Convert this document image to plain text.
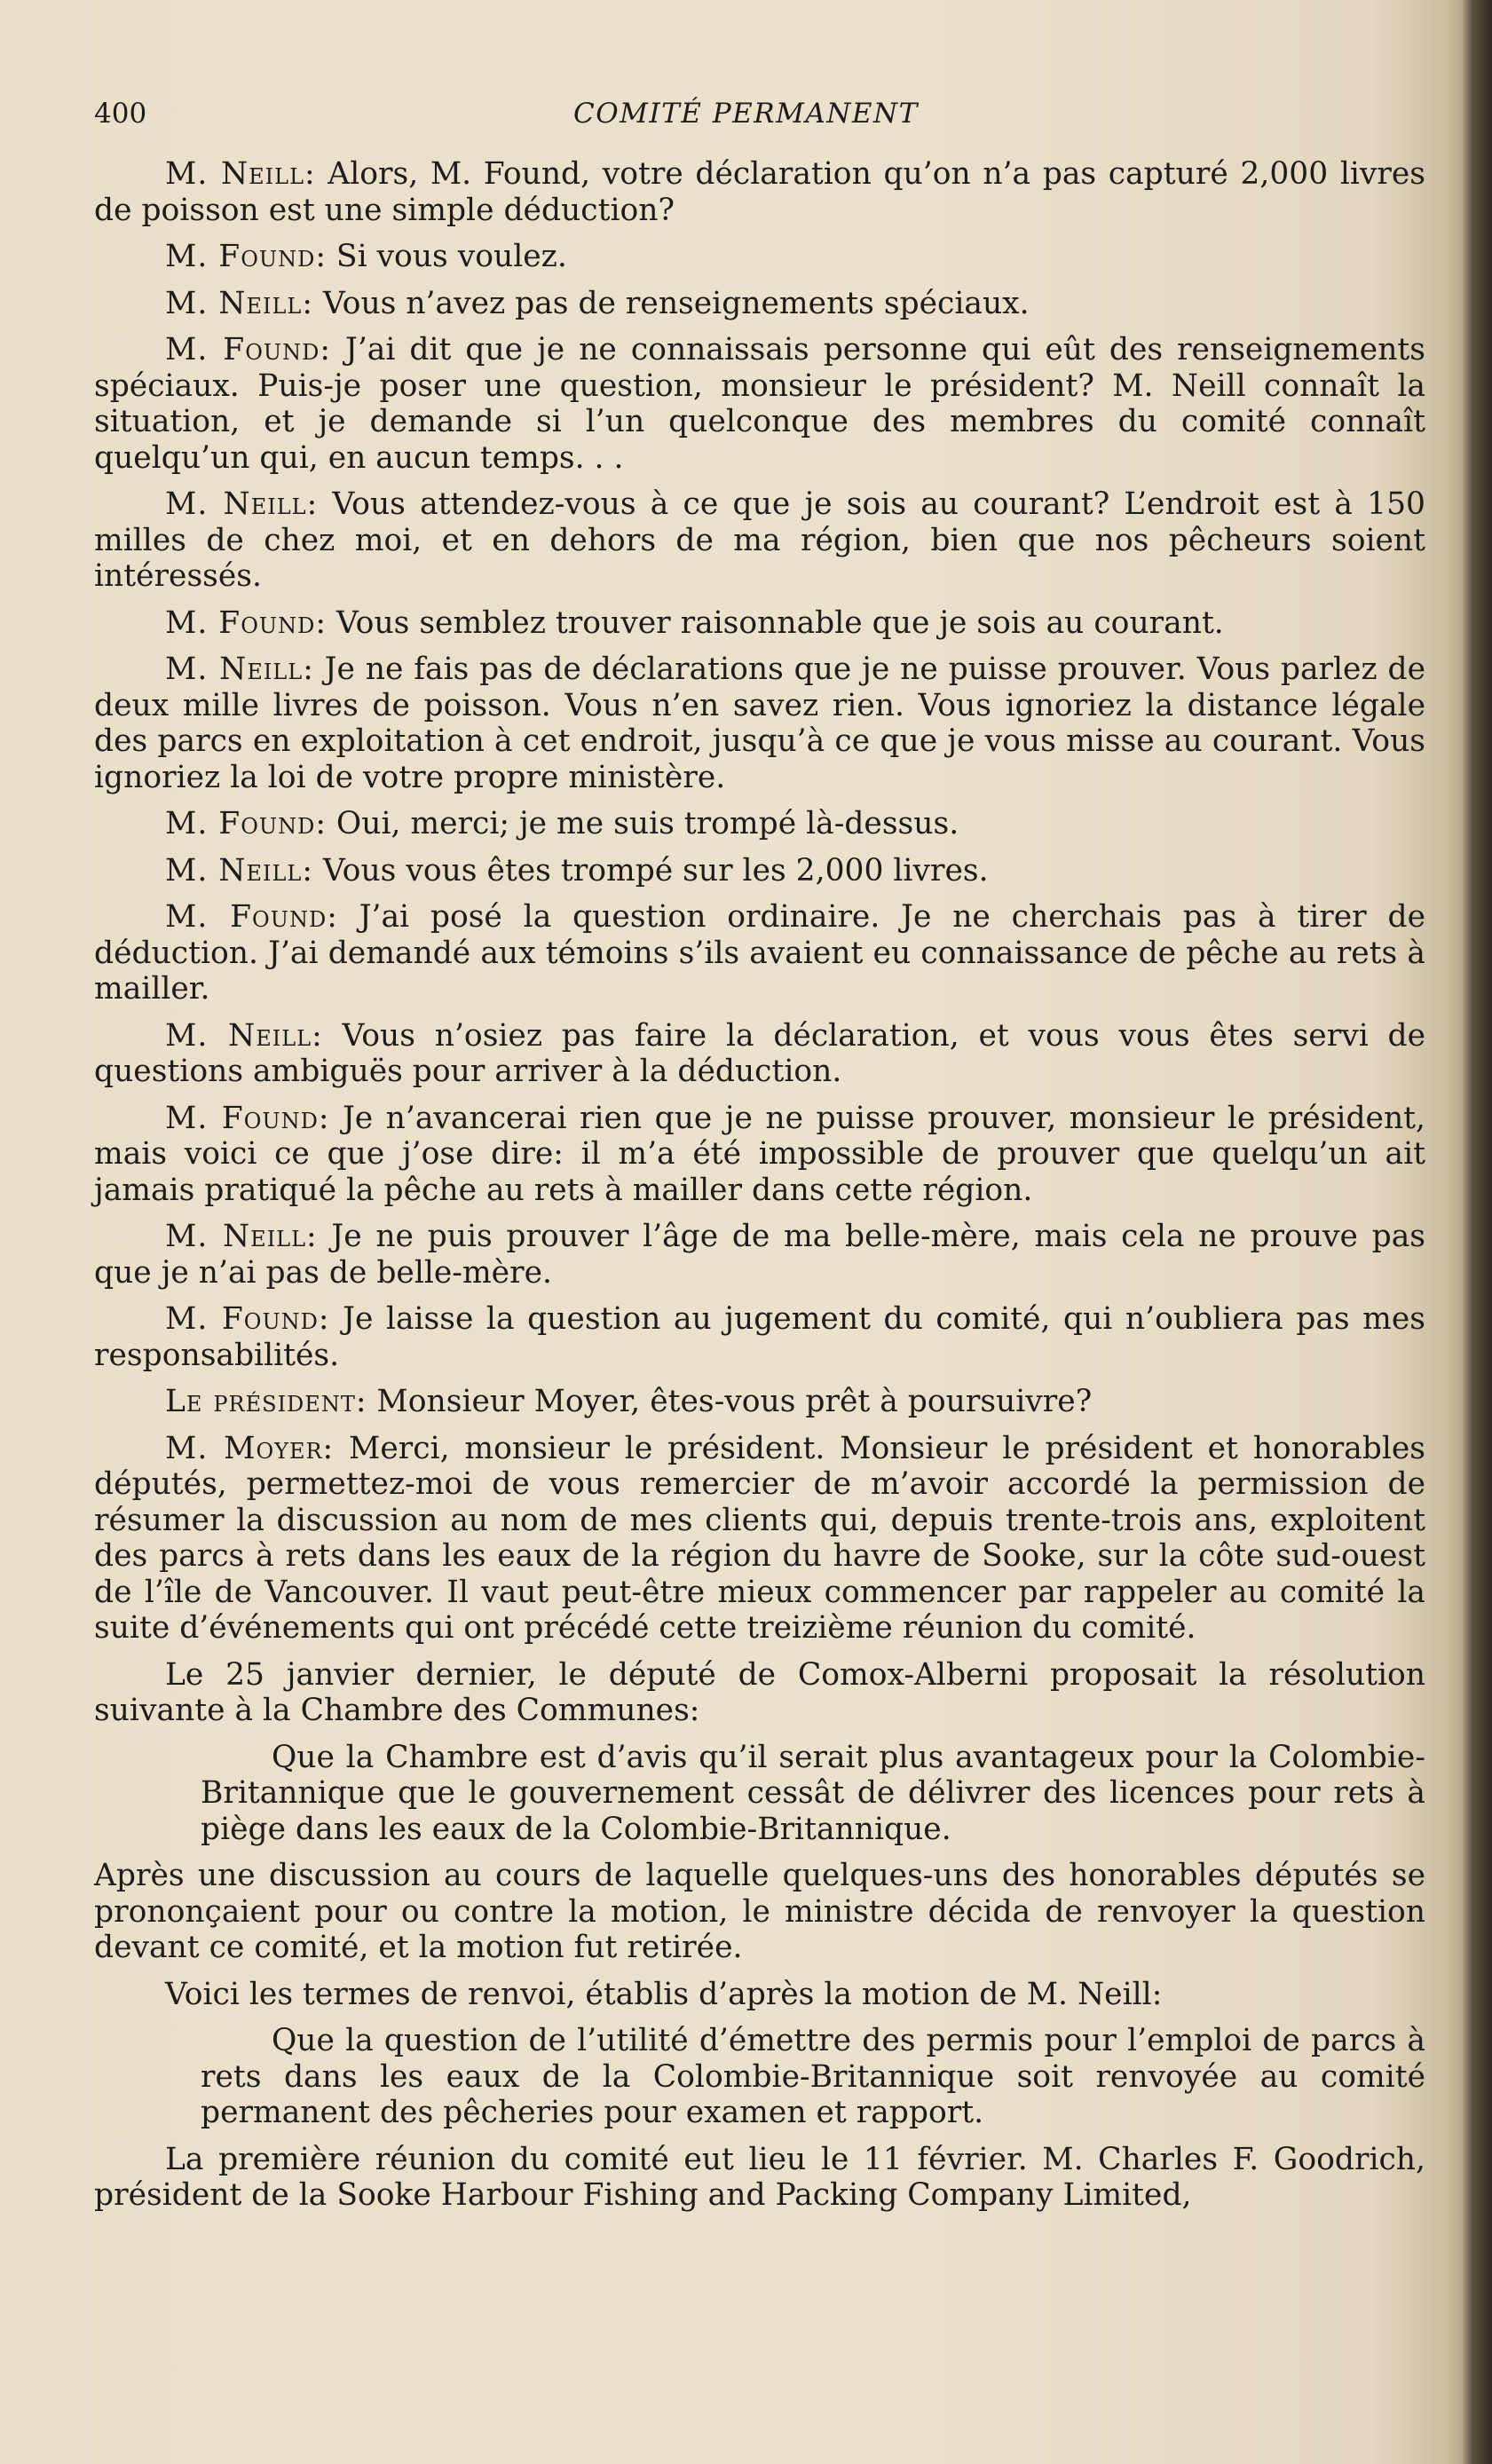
400	COMITÉ PERMANENT

M. Neill: Alors, M. Found, votre déclaration qu’on n’a pas capturé 2,000 livres de poisson est une simple déduction?

M. Found: Si vous voulez.

M. Neill: Vous n’avez pas de renseignements spéciaux.

M. Found: J’ai dit que je ne connaissais personne qui eût des renseignements spéciaux. Puis-je poser une question, monsieur le président? M. Neill connaît la situation, et je demande si l’un quelconque des membres du comité connaît quelqu’un qui, en aucun temps. . .

M. Neill: Vous attendez-vous à ce que je sois au courant? L’endroit est à 150 milles de chez moi, et en dehors de ma région, bien que nos pêcheurs soient intéressés.

M. Found: Vous semblez trouver raisonnable que je sois au courant.

M. Neill: Je ne fais pas de déclarations que je ne puisse prouver. Vous parlez de deux mille livres de poisson. Vous n’en savez rien. Vous ignoriez la distance légale des parcs en exploitation à cet endroit, jusqu’à ce que je vous misse au courant. Vous ignoriez la loi de votre propre ministère.

M. Found: Oui, merci; je me suis trompé là-dessus.

M. Neill: Vous vous êtes trompé sur les 2,000 livres.

M. Found: J’ai posé la question ordinaire. Je ne cherchais pas à tirer de déduction. J’ai demandé aux témoins s’ils avaient eu connaissance de pêche au rets à mailler.

M. Neill: Vous n’osiez pas faire la déclaration, et vous vous êtes servi de questions ambiguës pour arriver à la déduction.

M. Found: Je n’avancerai rien que je ne puisse prouver, monsieur le président, mais voici ce que j’ose dire: il m’a été impossible de prouver que quelqu’un ait jamais pratiqué la pêche au rets à mailler dans cette région.

M. Neill: Je ne puis prouver l’âge de ma belle-mère, mais cela ne prouve pas que je n’ai pas de belle-mère.

M. Found: Je laisse la question au jugement du comité, qui n’oubliera pas mes responsabilités.

Le président: Monsieur Moyer, êtes-vous prêt à poursuivre?

M. Moyer: Merci, monsieur le président. Monsieur le président et honorables députés, permettez-moi de vous remercier de m’avoir accordé la permission de résumer la discussion au nom de mes clients qui, depuis trente-trois ans, exploitent des parcs à rets dans les eaux de la région du havre de Sooke, sur la côte sud-ouest de l’île de Vancouver. Il vaut peut-être mieux commencer par rappeler au comité la suite d’événements qui ont précédé cette treizième réunion du comité.

Le 25 janvier dernier, le député de Comox-Alberni proposait la résolution suivante à la Chambre des Communes:

Que la Chambre est d’avis qu’il serait plus avantageux pour la Colombie-Britannique que le gouvernement cessât de délivrer des licences pour rets à piège dans les eaux de la Colombie-Britannique.

Après une discussion au cours de laquelle quelques-uns des honorables députés se prononçaient pour ou contre la motion, le ministre décida de renvoyer la question devant ce comité, et la motion fut retirée.

Voici les termes de renvoi, établis d’après la motion de M. Neill:

Que la question de l’utilité d’émettre des permis pour l’emploi de parcs à rets dans les eaux de la Colombie-Britannique soit renvoyée au comité permanent des pêcheries pour examen et rapport.

La première réunion du comité eut lieu le 11 février. M. Charles F. Goodrich, président de la Sooke Harbour Fishing and Packing Company Limited,
